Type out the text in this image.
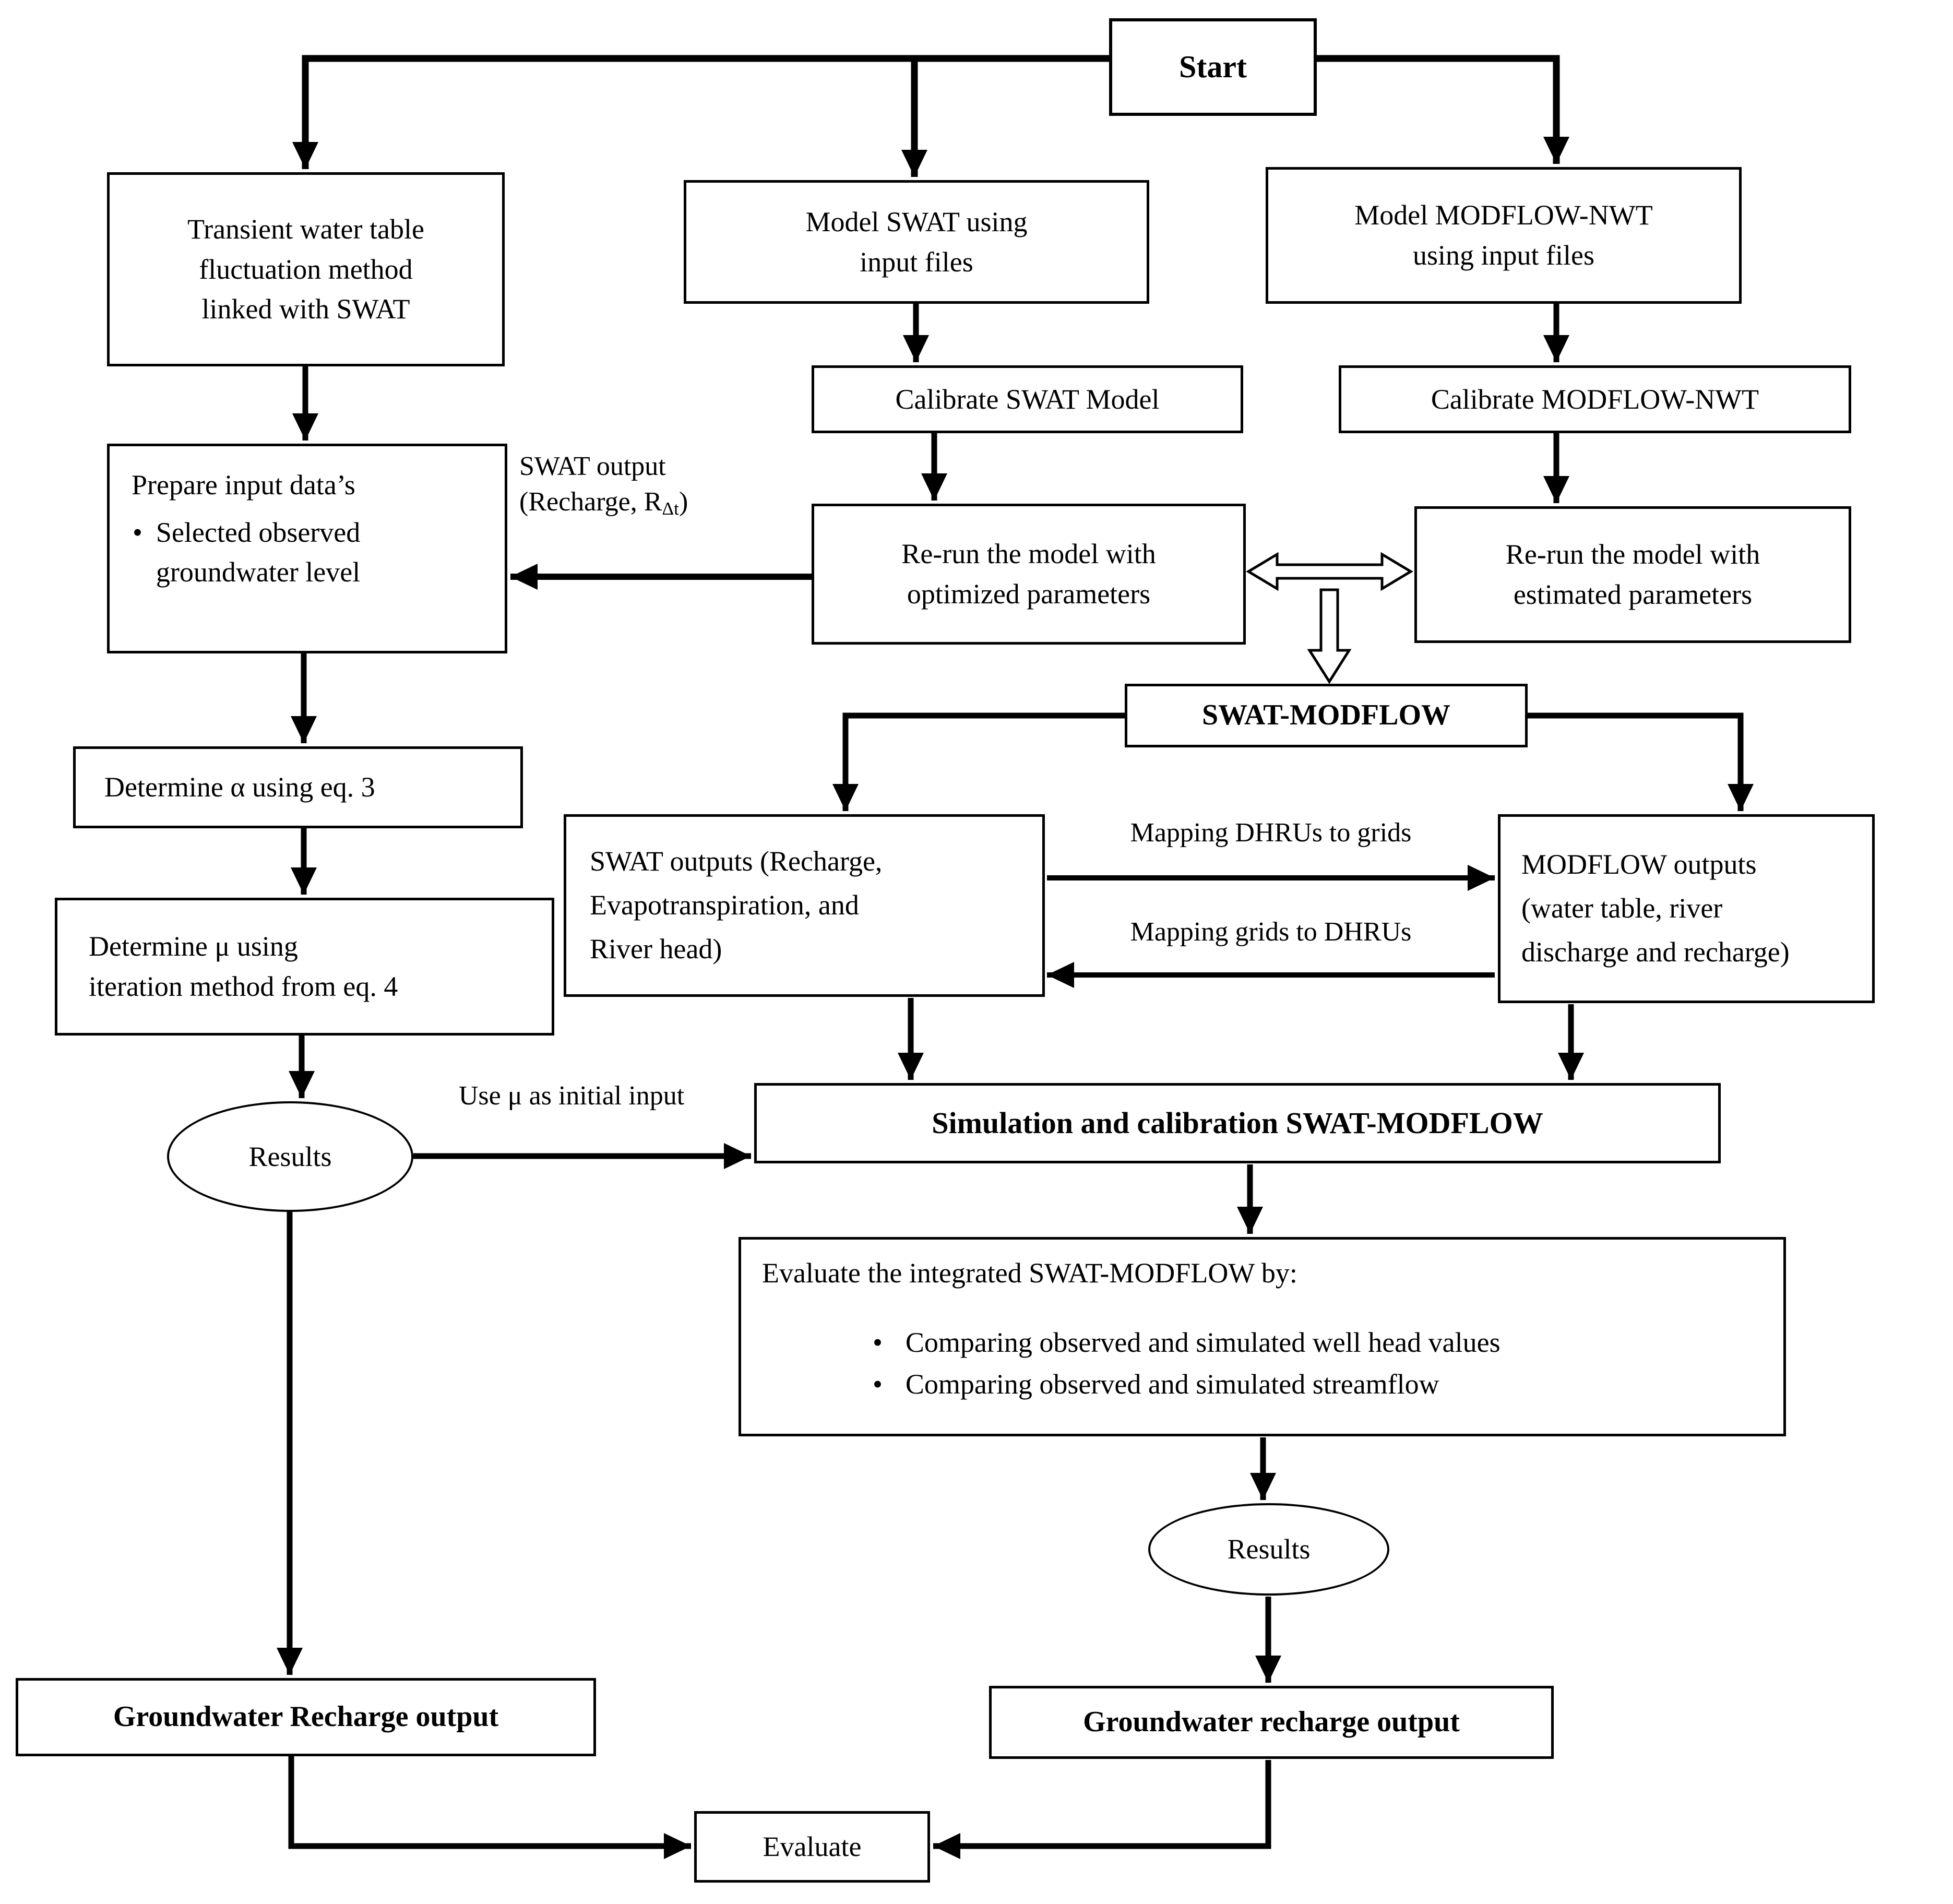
Start
Transient water table
fluctuation method
linked with SWAT
Model SWAT using
input files
Model MODFLOW-NWT
using input files
Calibrate SWAT Model	Calibrate MODFLOW-NWT
Re-run the model with
optimized parameters
Re-run the model with
estimated parameters
Prepare input data’s
•
Selected observed groundwater level
Determine α using eq. 3
Determine μ using
iteration method from eq. 4
Results
SWAT-MODFLOW
SWAT outputs (Recharge,
Evapotranspiration, and
River head)
MODFLOW outputs
(water table, river
discharge and recharge)
Simulation and calibration SWAT-MODFLOW
Evaluate the integrated SWAT-MODFLOW by:
•
Comparing observed and simulated well head values
•
Comparing observed and simulated streamflow
Results
Groundwater Recharge output	Groundwater recharge output
Evaluate
SWAT output
(Recharge, $R_{\Delta t}$)
Mapping DHRUs to grids
Mapping grids to DHRUs
Use μ as initial input
